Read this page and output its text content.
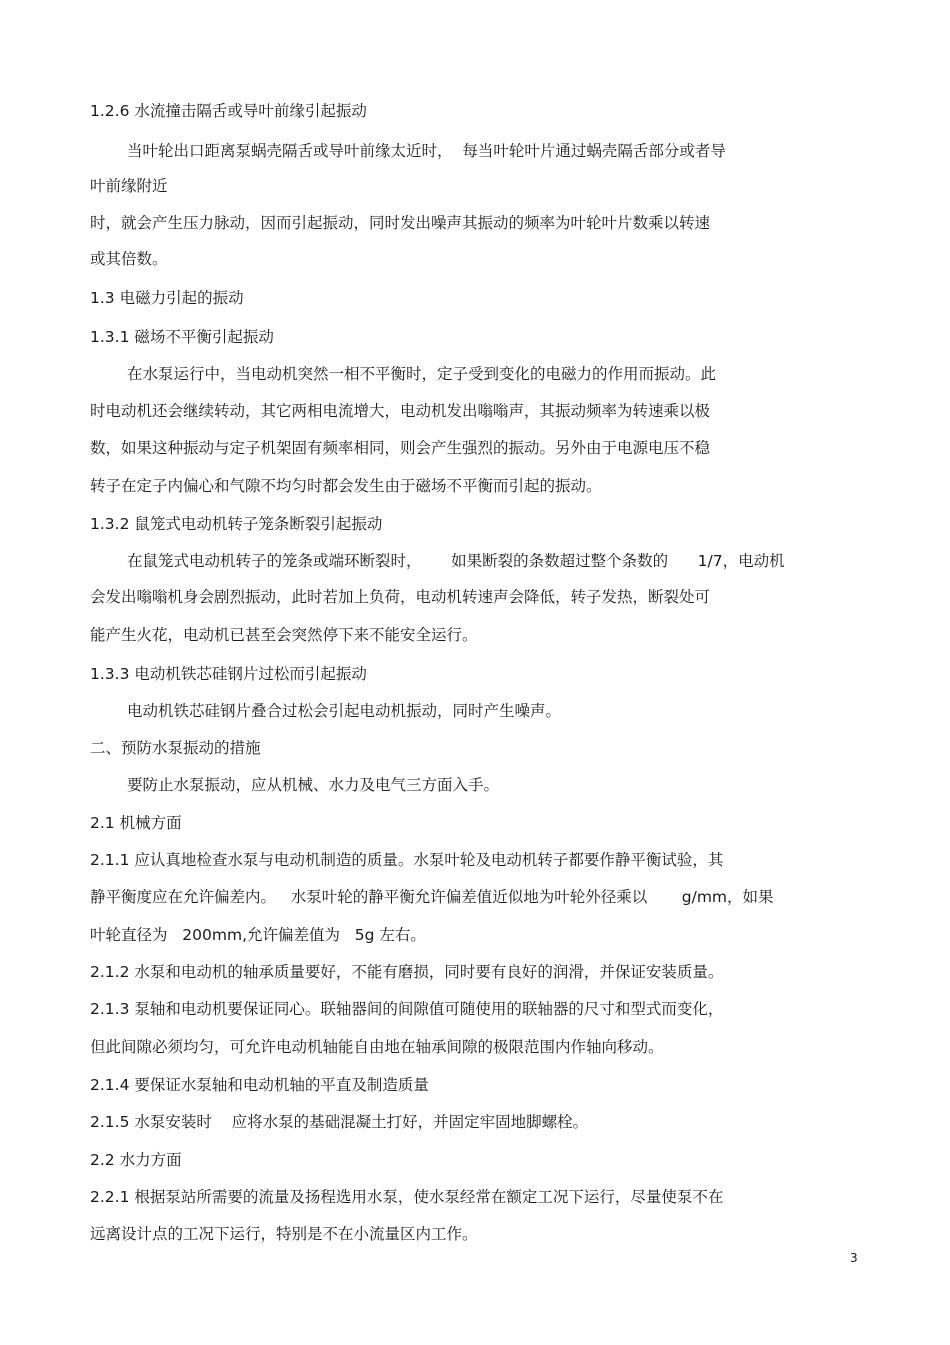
1.2.6 水流撞击隔舌或导叶前缘引起振动

当叶轮出口距离泵蜗壳隔舌或导叶前缘太近时，  每当叶轮叶片通过蜗壳隔舌部分或者导

叶前缘附近

时，就会产生压力脉动，因而引起振动，同时发出噪声其振动的频率为叶轮叶片数乘以转速

或其倍数。

1.3 电磁力引起的振动

1.3.1 磁场不平衡引起振动

在水泵运行中，当电动机突然一相不平衡时，定子受到变化的电磁力的作用而振动。此

时电动机还会继续转动，其它两相电流增大，电动机发出嗡嗡声，其振动频率为转速乘以极

数，如果这种振动与定子机架固有频率相同，则会产生强烈的振动。另外由于电源电压不稳

转子在定子内偏心和气隙不均匀时都会发生由于磁场不平衡而引起的振动。

1.3.2 鼠笼式电动机转子笼条断裂引起振动

在鼠笼式电动机转子的笼条或端环断裂时，      如果断裂的条数超过整个条数的      1/7，电动机

会发出嗡嗡机身会剧烈振动，此时若加上负荷，电动机转速声会降低，转子发热，断裂处可

能产生火花，电动机已甚至会突然停下来不能安全运行。

1.3.3 电动机铁芯硅钢片过松而引起振动

电动机铁芯硅钢片叠合过松会引起电动机振动，同时产生噪声。

二、预防水泵振动的措施

要防止水泵振动，应从机械、水力及电气三方面入手。

2.1 机械方面

2.1.1 应认真地检查水泵与电动机制造的质量。水泵叶轮及电动机转子都要作静平衡试验，其

静平衡度应在允许偏差内。   水泵叶轮的静平衡允许偏差值近似地为叶轮外径乘以       g/mm，如果

叶轮直径为   200mm,允许偏差值为   5g 左右。

2.1.2 水泵和电动机的轴承质量要好，不能有磨损，同时要有良好的润滑，并保证安装质量。

2.1.3 泵轴和电动机要保证同心。联轴器间的间隙值可随使用的联轴器的尺寸和型式而变化，

但此间隙必须均匀，可允许电动机轴能自由地在轴承间隙的极限范围内作轴向移动。

2.1.4 要保证水泵轴和电动机轴的平直及制造质量

2.1.5 水泵安装时    应将水泵的基础混凝土打好，并固定牢固地脚螺栓。

2.2 水力方面

2.2.1 根据泵站所需要的流量及扬程选用水泵，使水泵经常在额定工况下运行，尽量使泵不在

远离设计点的工况下运行，特别是不在小流量区内工作。

3
